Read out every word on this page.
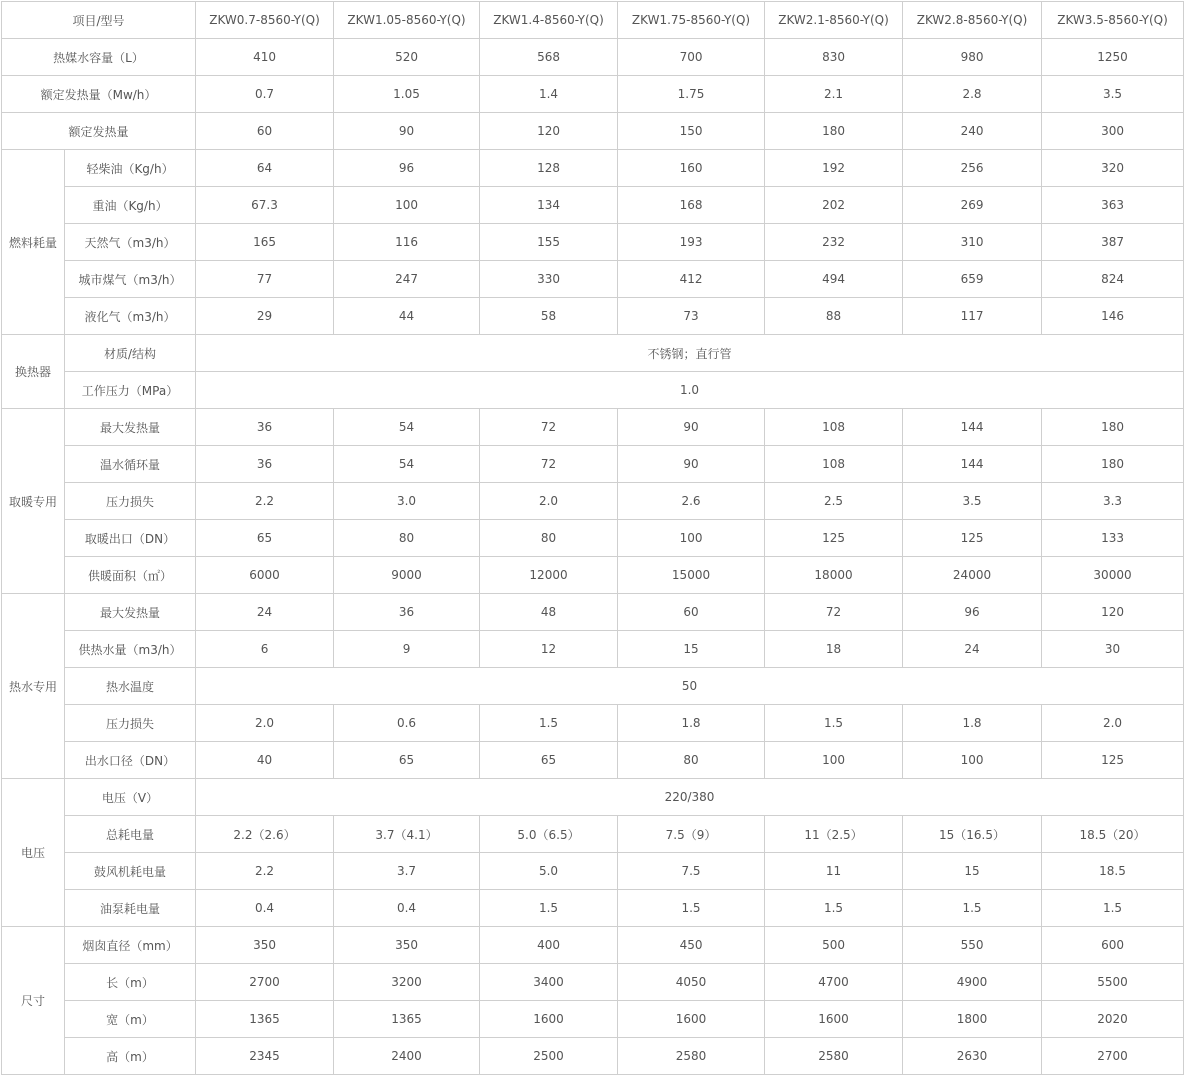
项目/型号		ZKW0.7-8560-Y(Q)	ZKW1.05-8560-Y(Q)	ZKW1.4-8560-Y(Q)	ZKW1.75-8560-Y(Q)	ZKW2.1-8560-Y(Q)	ZKW2.8-8560-Y(Q)	ZKW3.5-8560-Y(Q)
热媒水容量（L）		410	520	568	700	830	980	1250
额定发热量（Mw/h）		0.7	1.05	1.4	1.75	2.1	2.8	3.5
额定发热量		60	90	120	150	180	240	300
燃料耗量	轻柴油（Kg/h）	64	96	128	160	192	256	320
	重油（Kg/h）	67.3	100	134	168	202	269	363
	天然气（m3/h）	165	116	155	193	232	310	387
	城市煤气（m3/h）	77	247	330	412	494	659	824
	液化气（m3/h）	29	44	58	73	88	117	146
换热器	材质/结构	不锈钢；直行管						
	工作压力（MPa）	1.0						
取暖专用	最大发热量	36	54	72	90	108	144	180
	温水循环量	36	54	72	90	108	144	180
	压力损失	2.2	3.0	2.0	2.6	2.5	3.5	3.3
	取暖出口（DN）	65	80	80	100	125	125	133
	供暖面积（㎡）	6000	9000	12000	15000	18000	24000	30000
热水专用	最大发热量	24	36	48	60	72	96	120
	供热水量（m3/h）	6	9	12	15	18	24	30
	热水温度	50						
	压力损失	2.0	0.6	1.5	1.8	1.5	1.8	2.0
	出水口径（DN）	40	65	65	80	100	100	125
电压	电压（V）	220/380						
	总耗电量	2.2（2.6）	3.7（4.1）	5.0（6.5）	7.5（9）	11（2.5）	15（16.5）	18.5（20）
	鼓风机耗电量	2.2	3.7	5.0	7.5	11	15	18.5
	油泵耗电量	0.4	0.4	1.5	1.5	1.5	1.5	1.5
尺寸	烟囱直径（mm）	350	350	400	450	500	550	600
	长（m）	2700	3200	3400	4050	4700	4900	5500
	宽（m）	1365	1365	1600	1600	1600	1800	2020
	高（m）	2345	2400	2500	2580	2580	2630	2700
